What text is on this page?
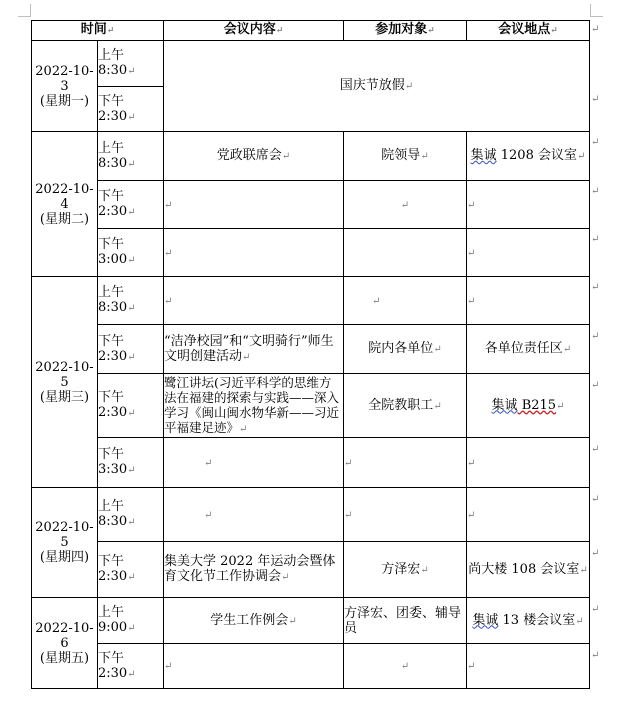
时间↵		会议内容↵	参加对象↵	会议地点↵

2022-10-3
(星期一)	上午 8:30↵	国庆节放假↵		
	下午 2:30↵			

2022-10-4
(星期二)	上午 8:30↵	党政联席会↵	院领导↵	集诚 1208 会议室↵
	下午 2:30↵	↵	↵	↵
	下午 3:00↵	↵		↵

2022-10-5
(星期三)	上午 8:30↵	↵	↵	↵
	下午 2:30↵	“洁净校园”和“文明骑行”师生文明创建活动↵	院内各单位↵	各单位责任区↵
	下午 2:30↵	鹭江讲坛(习近平科学的思维方法在福建的探索与实践——深入学习《闽山闽水物华新——习近平福建足迹》↵	全院教职工↵	集诚 B215↵
	下午 3:30↵	↵	↵	↵

2022-10-5
(星期四)	上午 8:30↵	↵	↵	↵
	下午 2:30↵	集美大学 2022 年运动会暨体育文化节工作协调会↵	方泽宏↵	尚大楼 108 会议室↵

2022-10-6
(星期五)	上午 9:00↵	学生工作例会↵	方泽宏、团委、辅导员	集诚 13 楼会议室↵
	下午 2:30↵	↵	↵	↵
↵
↵
↵
↵
↵
↵
↵
↵
↵
↵
↵
↵
↵
